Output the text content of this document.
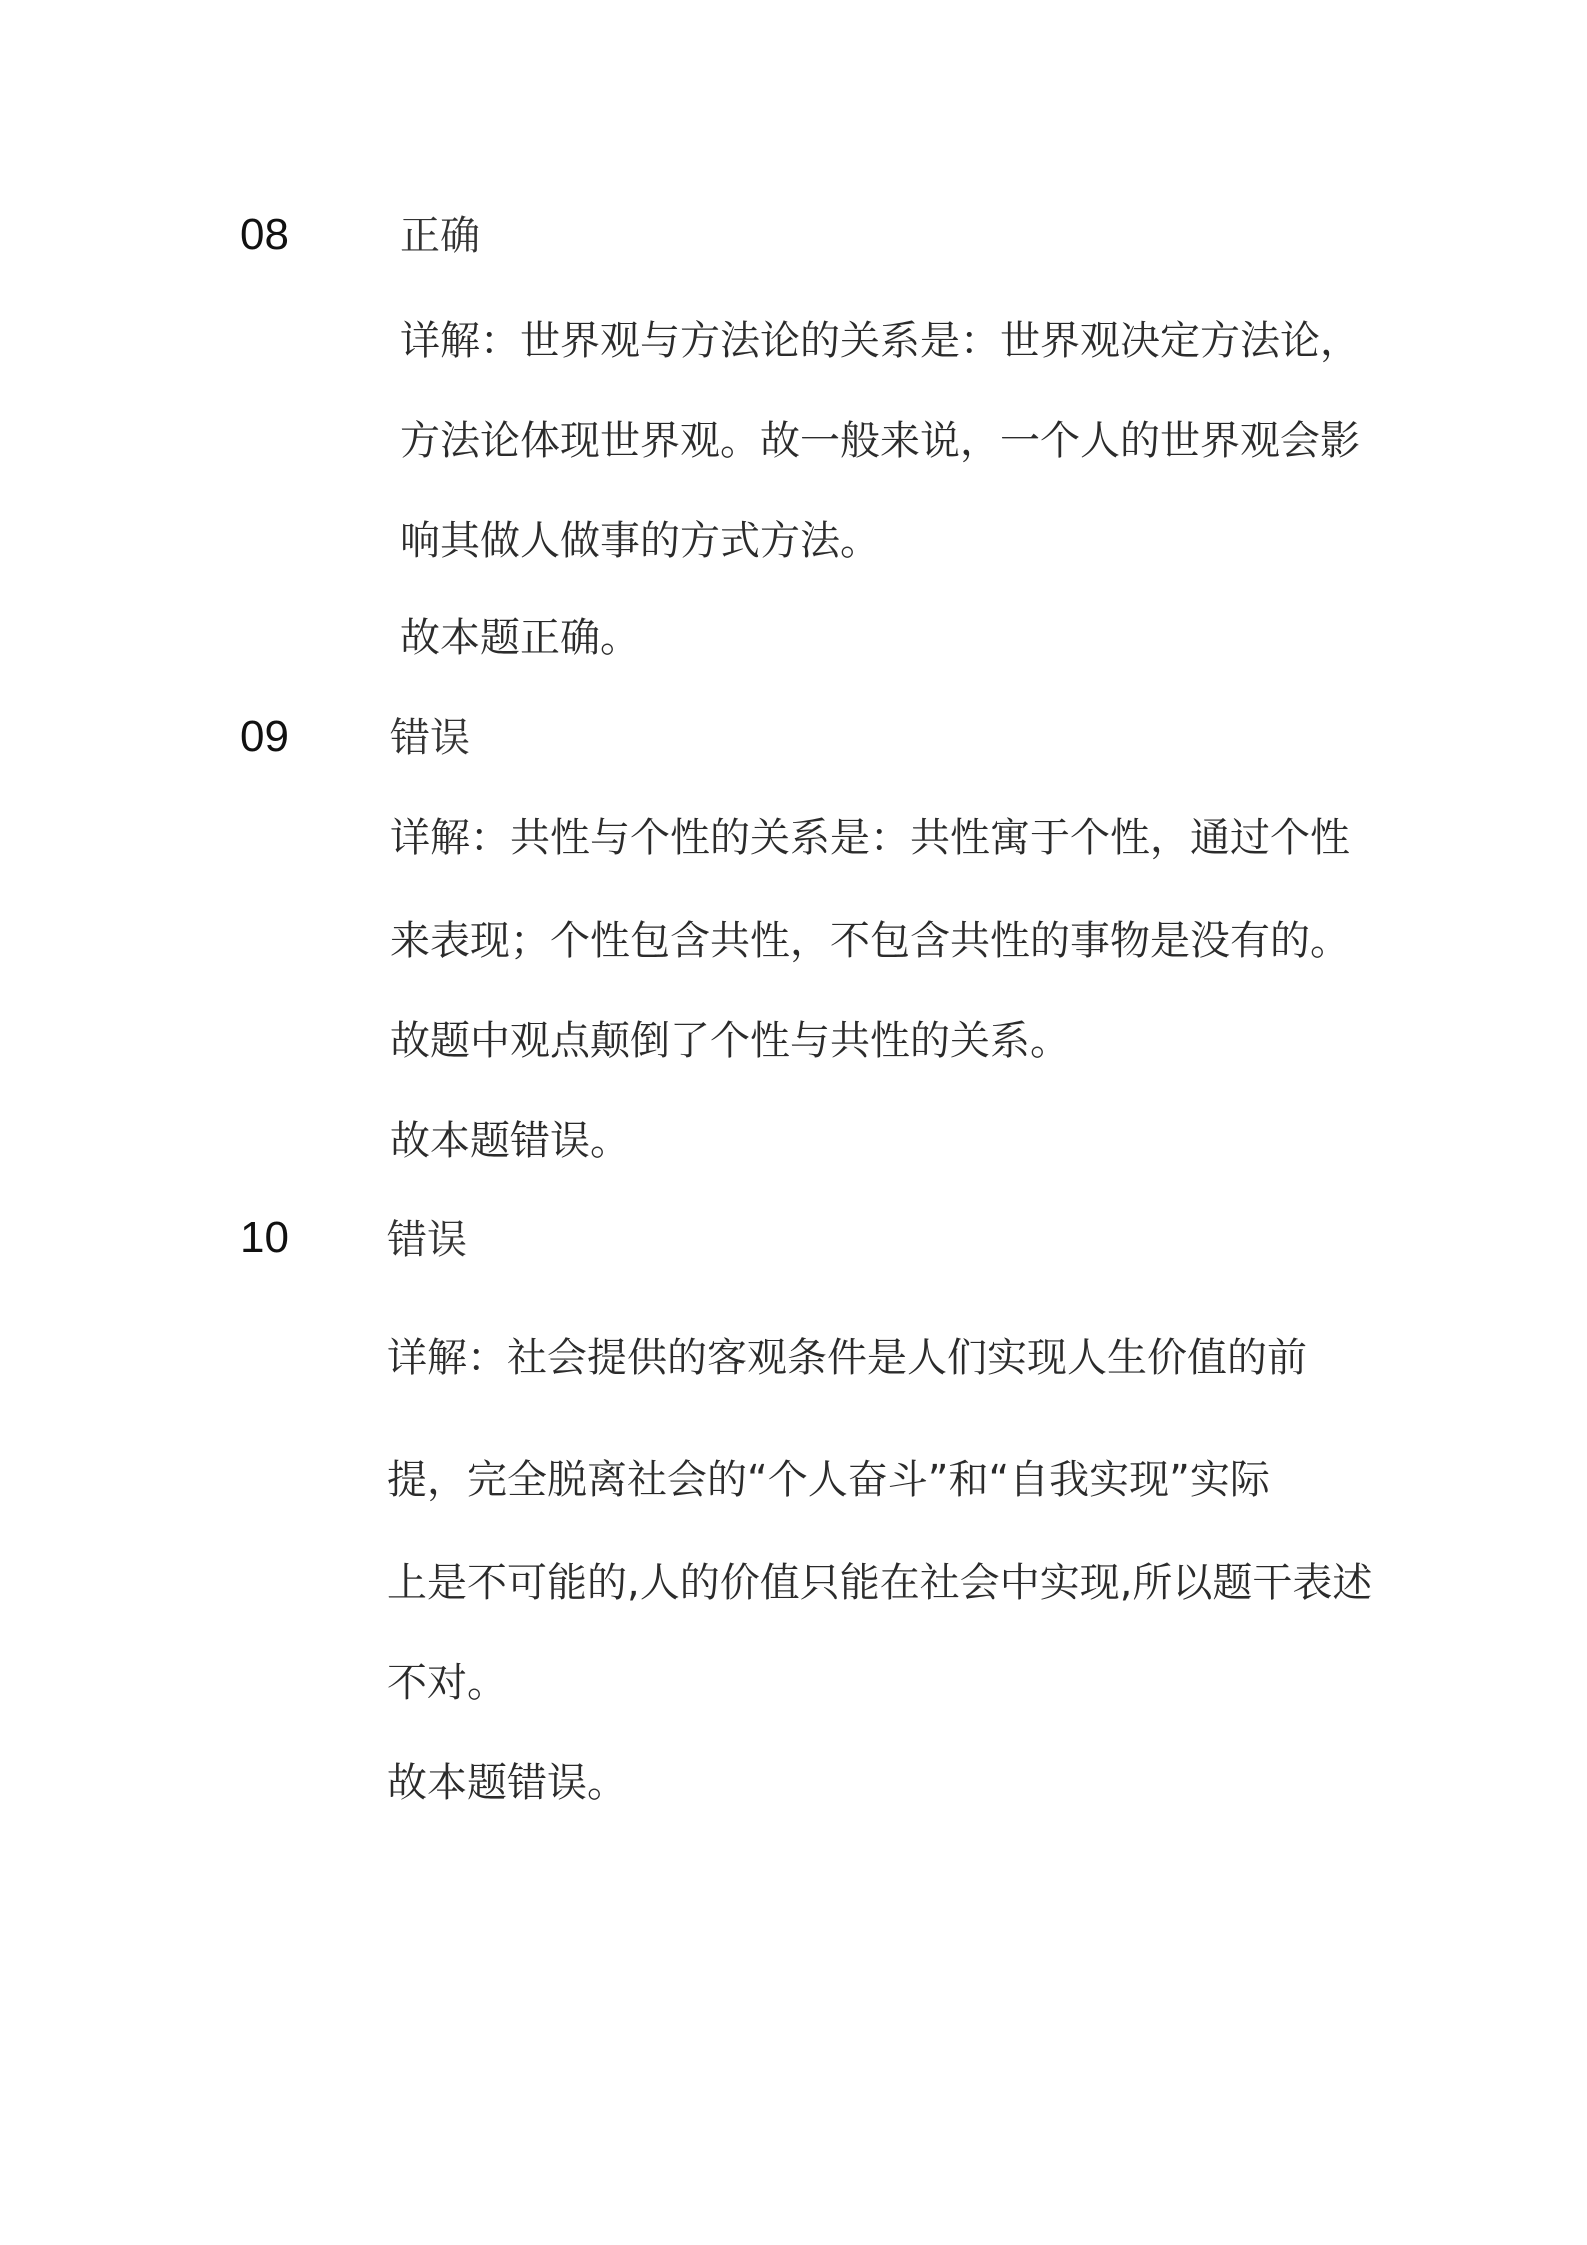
08	正确
详解：世界观与方法论的关系是：世界观决定方法论，
方法论体现世界观。故一般来说，一个人的世界观会影
响其做人做事的方式方法。
故本题正确。
09	错误
详解：共性与个性的关系是：共性寓于个性，通过个性
来表现；个性包含共性，不包含共性的事物是没有的。
故题中观点颠倒了个性与共性的关系。
故本题错误。
10 错误
详解：社会提供的客观条件是人们实现人生价值的前
提，完全脱离社会的“个人奋斗”和“自我实现”实际
上是不可能的,人的价值只能在社会中实现,所以题干表述
不对。
故本题错误。
